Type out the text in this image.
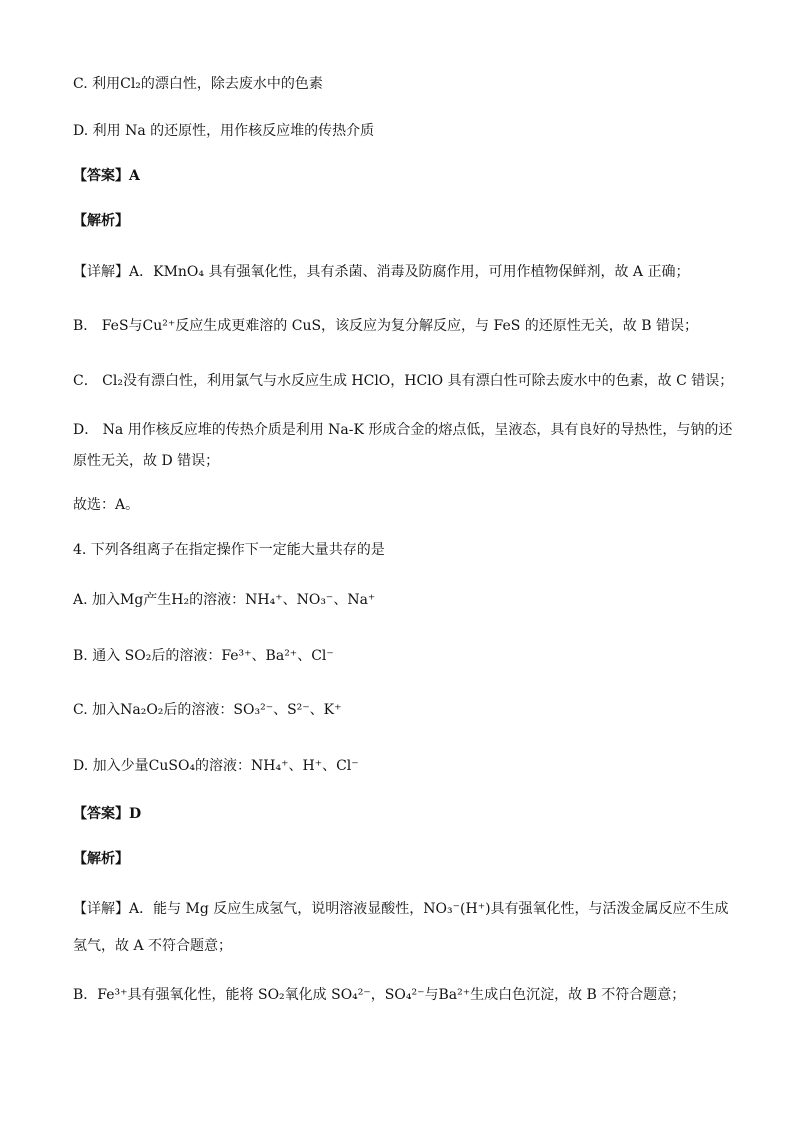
C. 利用Cl₂的漂白性，除去废水中的色素
D. 利用 Na 的还原性，用作核反应堆的传热介质
【答案】A
【解析】
【详解】A．KMnO₄ 具有强氧化性，具有杀菌、消毒及防腐作用，可用作植物保鲜剂，故 A 正确；
B． FeS与Cu²⁺反应生成更难溶的 CuS，该反应为复分解反应，与 FeS 的还原性无关，故 B 错误；
C． Cl₂没有漂白性，利用氯气与水反应生成 HClO，HClO 具有漂白性可除去废水中的色素，故 C 错误；
D． Na 用作核反应堆的传热介质是利用 Na-K 形成合金的熔点低，呈液态，具有良好的导热性，与钠的还
原性无关，故 D 错误；
故选：A。
4. 下列各组离子在指定操作下一定能大量共存的是
A. 加入Mg产生H₂的溶液：NH₄⁺、NO₃⁻、Na⁺
B. 通入 SO₂后的溶液：Fe³⁺、Ba²⁺、Cl⁻
C. 加入Na₂O₂后的溶液：SO₃²⁻、S²⁻、K⁺
D. 加入少量CuSO₄的溶液：NH₄⁺、H⁺、Cl⁻
【答案】D
【解析】
【详解】A．能与 Mg 反应生成氢气，说明溶液显酸性，NO₃⁻(H⁺)具有强氧化性，与活泼金属反应不生成
氢气，故 A 不符合题意；
B．Fe³⁺具有强氧化性，能将 SO₂氧化成 SO₄²⁻，SO₄²⁻与Ba²⁺生成白色沉淀，故 B 不符合题意；
